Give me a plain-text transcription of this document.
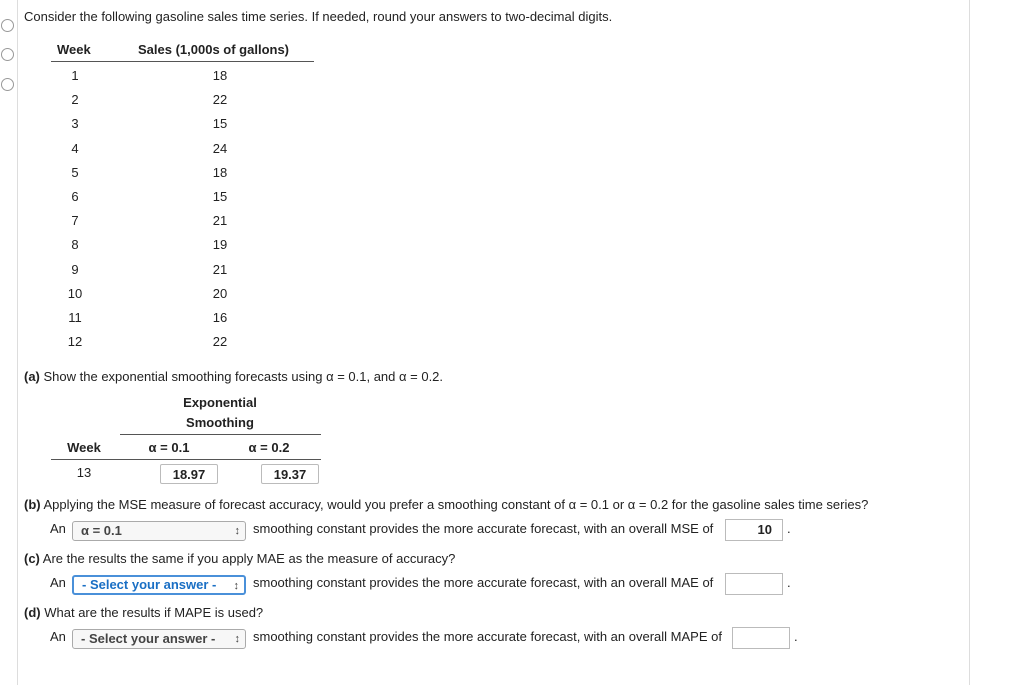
Consider the following gasoline sales time series. If needed, round your answers to two-decimal digits.
Week	Sales (1,000s of gallons)
1	18
2	22
3	15
4	24
5	18
6	15
7	21
8	19
9	21
10	20
11	16
12	22
(a) Show the exponential smoothing forecasts using α = 0.1, and α = 0.2.
Exponential
Smoothing
Week	α = 0.1	α = 0.2
13	18.97	19.37
(b) Applying the MSE measure of forecast accuracy, would you prefer a smoothing constant of α = 0.1 or α = 0.2 for the gasoline sales time series?
An	α = 0.1	↕ smoothing constant provides the more accurate forecast, with an overall MSE of	10	.
(c) Are the results the same if you apply MAE as the measure of accuracy?
An	- Select your answer - ↕ smoothing constant provides the more accurate forecast, with an overall MAE of	.
(d) What are the results if MAPE is used?
An	- Select your answer - ↕ smoothing constant provides the more accurate forecast, with an overall MAPE of	.
